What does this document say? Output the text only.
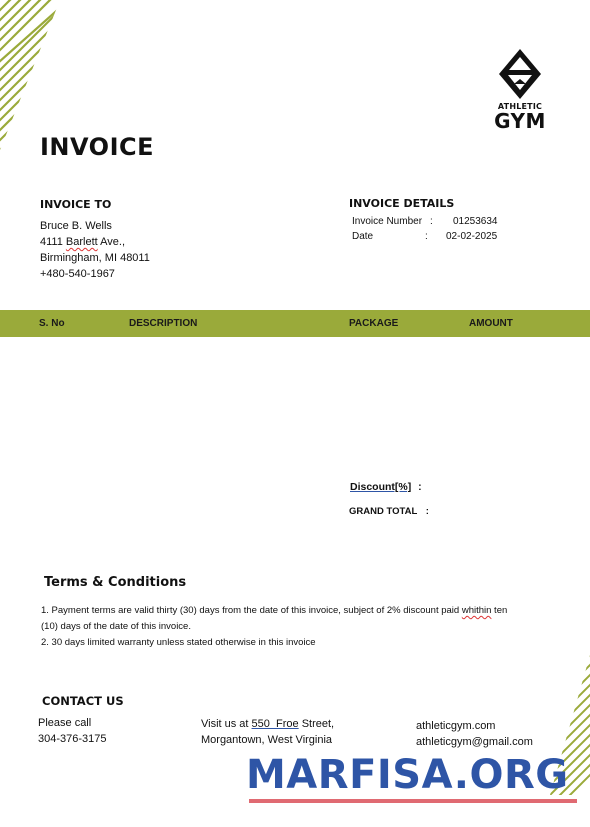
ATHLETIC
GYM
INVOICE
INVOICE TO
Bruce B. Wells
4111 Barlett Ave.,
Birmingham, MI 48011
+480-540-1967
INVOICE DETAILS
Invoice Number : 01253634
Date	: 02-02-2025
S. No	DESCRIPTION	PACKAGE	AMOUNT
Discount[%] :
GRAND TOTAL :
Terms & Conditions
1. Payment terms are valid thirty (30) days from the date of this invoice, subject of 2% discount paid whithin ten
(10) days of the date of this invoice.
2. 30 days limited warranty unless stated otherwise in this invoice
CONTACT US
Please call
304-376-3175
Visit us at 550  Froe Street,
Morgantown, West Virginia
athleticgym.com
athleticgym@gmail.com
MARFISA.ORG
